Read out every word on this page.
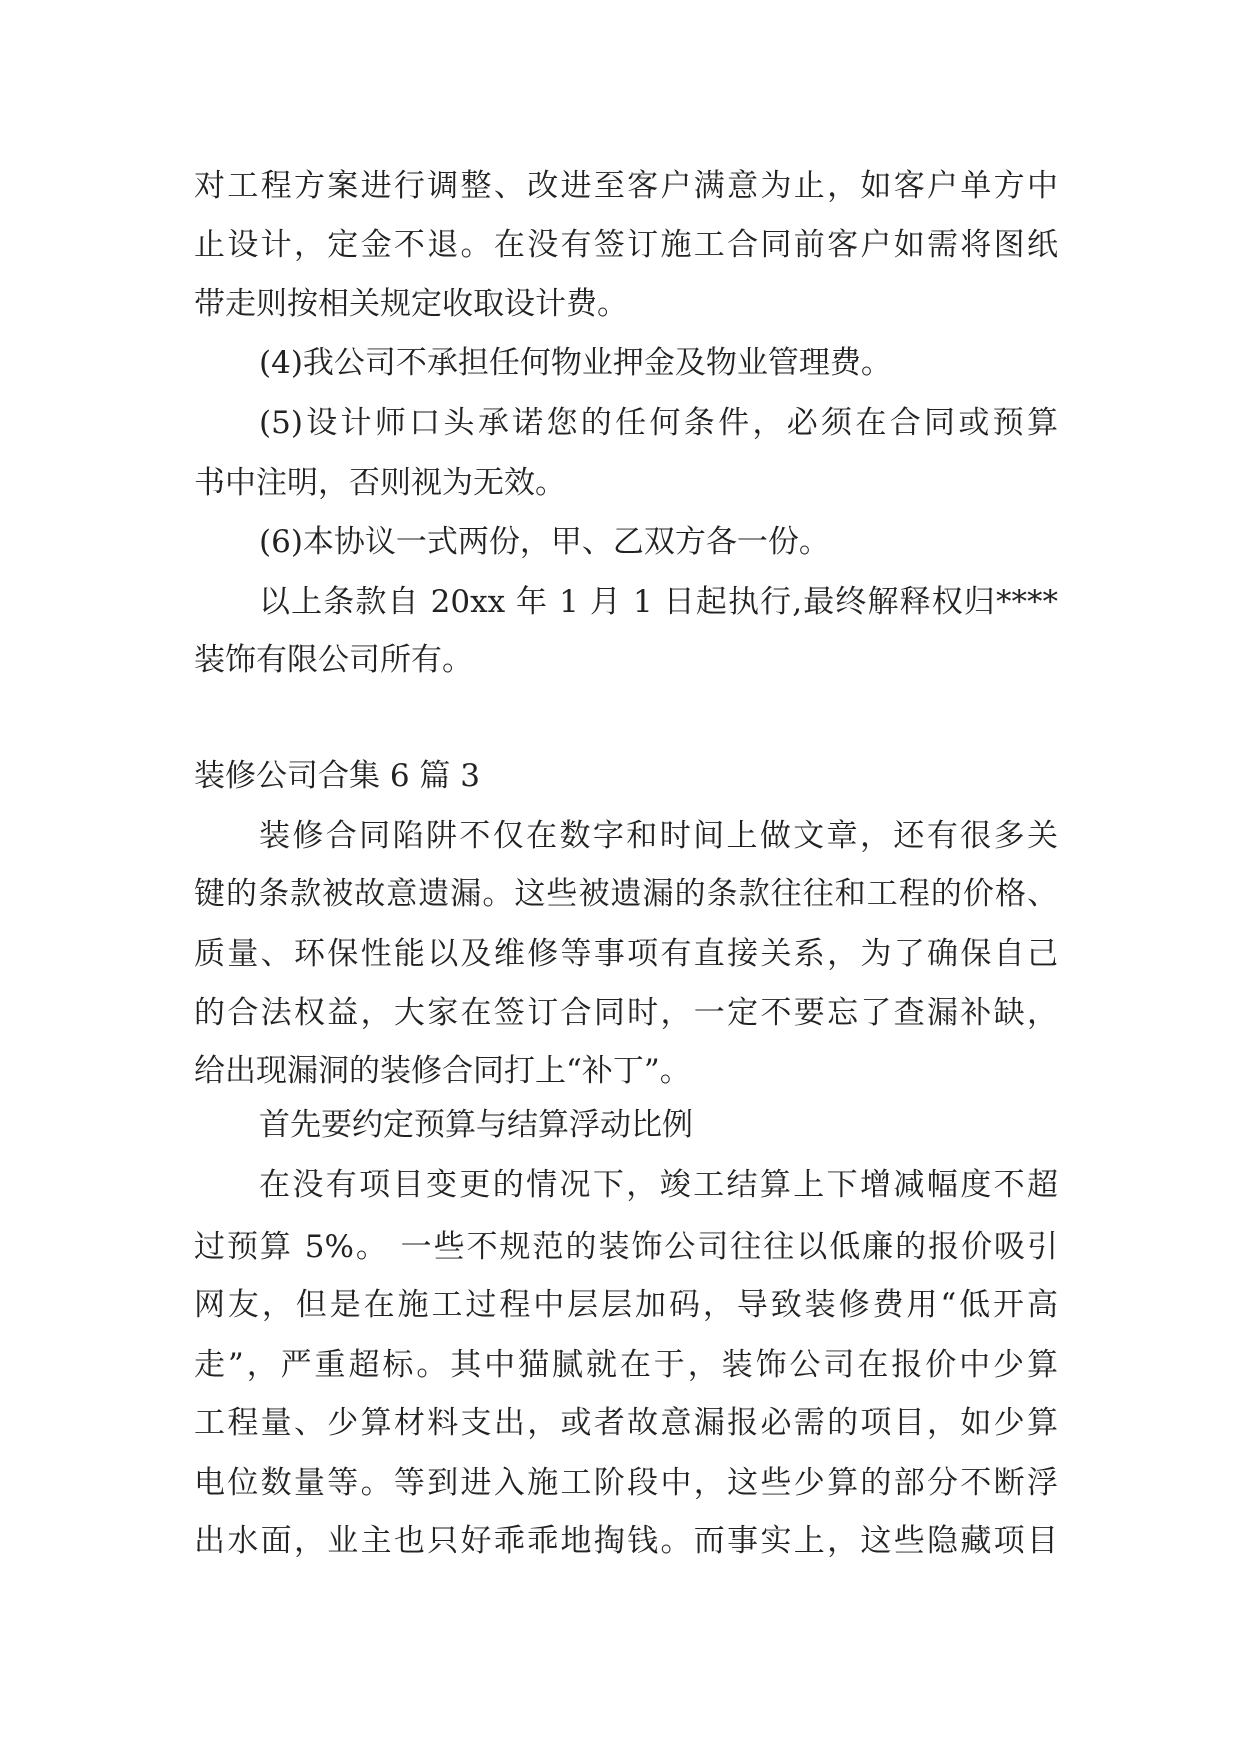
对工程方案进行调整、改进至客户满意为止，如客户单方中
止设计，定金不退。在没有签订施工合同前客户如需将图纸
带走则按相关规定收取设计费。
(4)我公司不承担任何物业押金及物业管理费。
(5)设计师口头承诺您的任何条件，必须在合同或预算
书中注明，否则视为无效。
(6)本协议一式两份，甲、乙双方各一份。
以上条款自 20xx 年 1 月 1 日起执行,最终解释权归****
装饰有限公司所有。
装修公司合集 6 篇 3
装修合同陷阱不仅在数字和时间上做文章，还有很多关
键的条款被故意遗漏。这些被遗漏的条款往往和工程的价格、
质量、环保性能以及维修等事项有直接关系，为了确保自己
的合法权益，大家在签订合同时，一定不要忘了查漏补缺，
给出现漏洞的装修合同打上“补丁”。
首先要约定预算与结算浮动比例
在没有项目变更的情况下，竣工结算上下增减幅度不超
过预算 5%。 一些不规范的装饰公司往往以低廉的报价吸引
网友，但是在施工过程中层层加码，导致装修费用“低开高
走”，严重超标。其中猫腻就在于，装饰公司在报价中少算
工程量、少算材料支出，或者故意漏报必需的项目，如少算
电位数量等。等到进入施工阶段中，这些少算的部分不断浮
出水面，业主也只好乖乖地掏钱。而事实上，这些隐藏项目
